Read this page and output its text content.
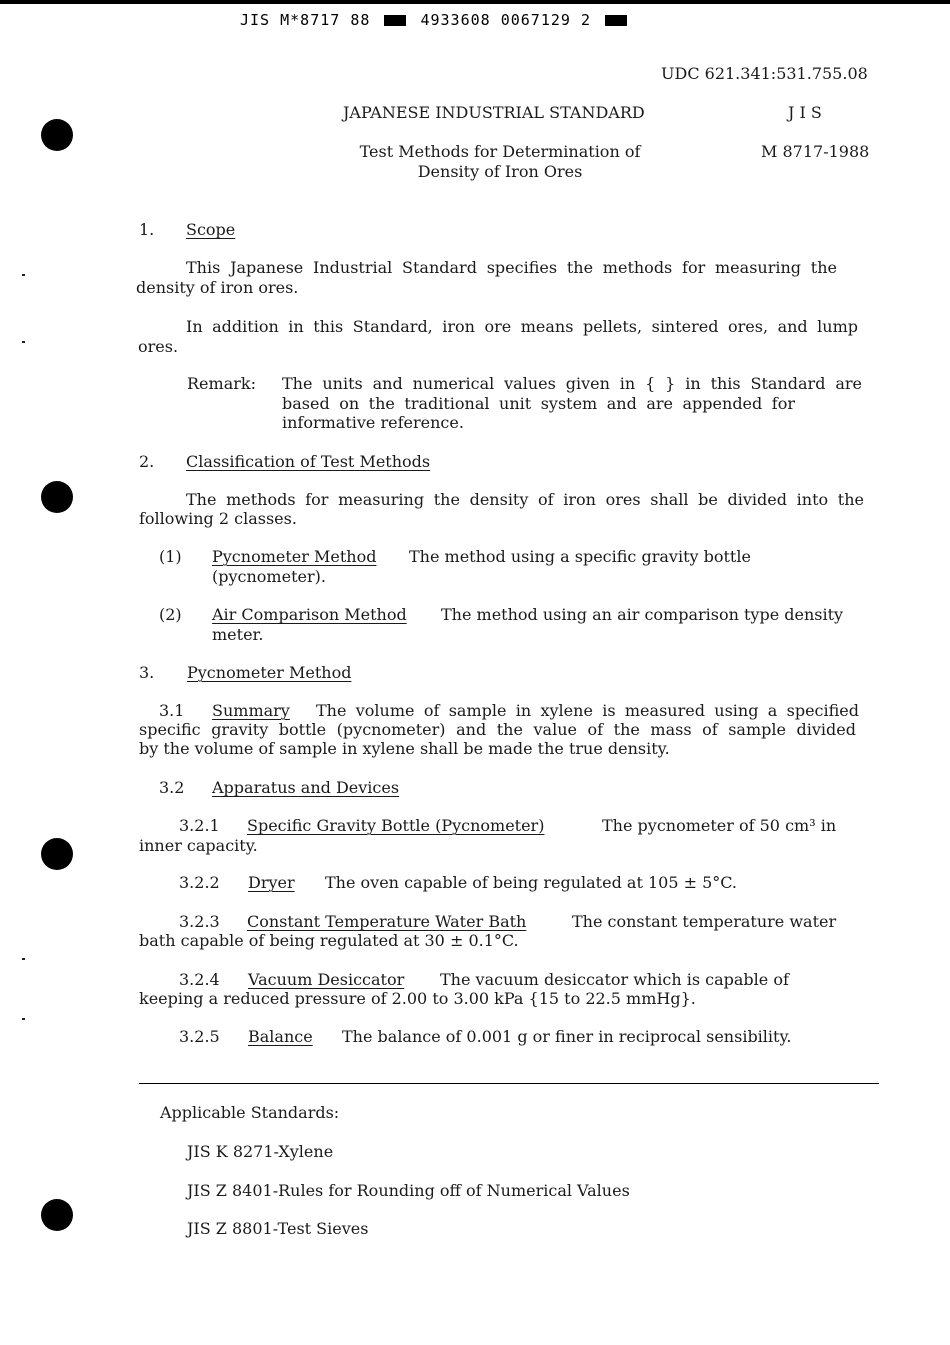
JIS M*8717 88	4933608 0067129 2
UDC 621.341:531.755.08
JAPANESE INDUSTRIAL STANDARD	J I S
Test Methods for Determination of
Density of Iron Ores
M 8717-1988
1. Scope
This Japanese Industrial Standard specifies the methods for measuring the
density of iron ores.
In addition in this Standard, iron ore means pellets, sintered ores, and lump
ores.
Remark: The units and numerical values given in { } in this Standard are
based on the traditional unit system and are appended for
informative reference.
2. Classification of Test Methods
The methods for measuring the density of iron ores shall be divided into the
following 2 classes.
(1) Pycnometer Method The method using a specific gravity bottle
(pycnometer).
(2) Air Comparison Method The method using an air comparison type density
meter.
3. Pycnometer Method
3.1 Summary The volume of sample in xylene is measured using a specified
specific gravity bottle (pycnometer) and the value of the mass of sample divided
by the volume of sample in xylene shall be made the true density.
3.2 Apparatus and Devices
3.2.1 Specific Gravity Bottle (Pycnometer)	The pycnometer of 50 cm³ in
inner capacity.
3.2.2 Dryer The oven capable of being regulated at 105 ± 5°C.
3.2.3 Constant Temperature Water Bath	The constant temperature water
bath capable of being regulated at 30 ± 0.1°C.
3.2.4 Vacuum Desiccator The vacuum desiccator which is capable of
keeping a reduced pressure of 2.00 to 3.00 kPa {15 to 22.5 mmHg}.
3.2.5 Balance The balance of 0.001 g or finer in reciprocal sensibility.
Applicable Standards:
JIS K 8271-Xylene
JIS Z 8401-Rules for Rounding off of Numerical Values
JIS Z 8801-Test Sieves
